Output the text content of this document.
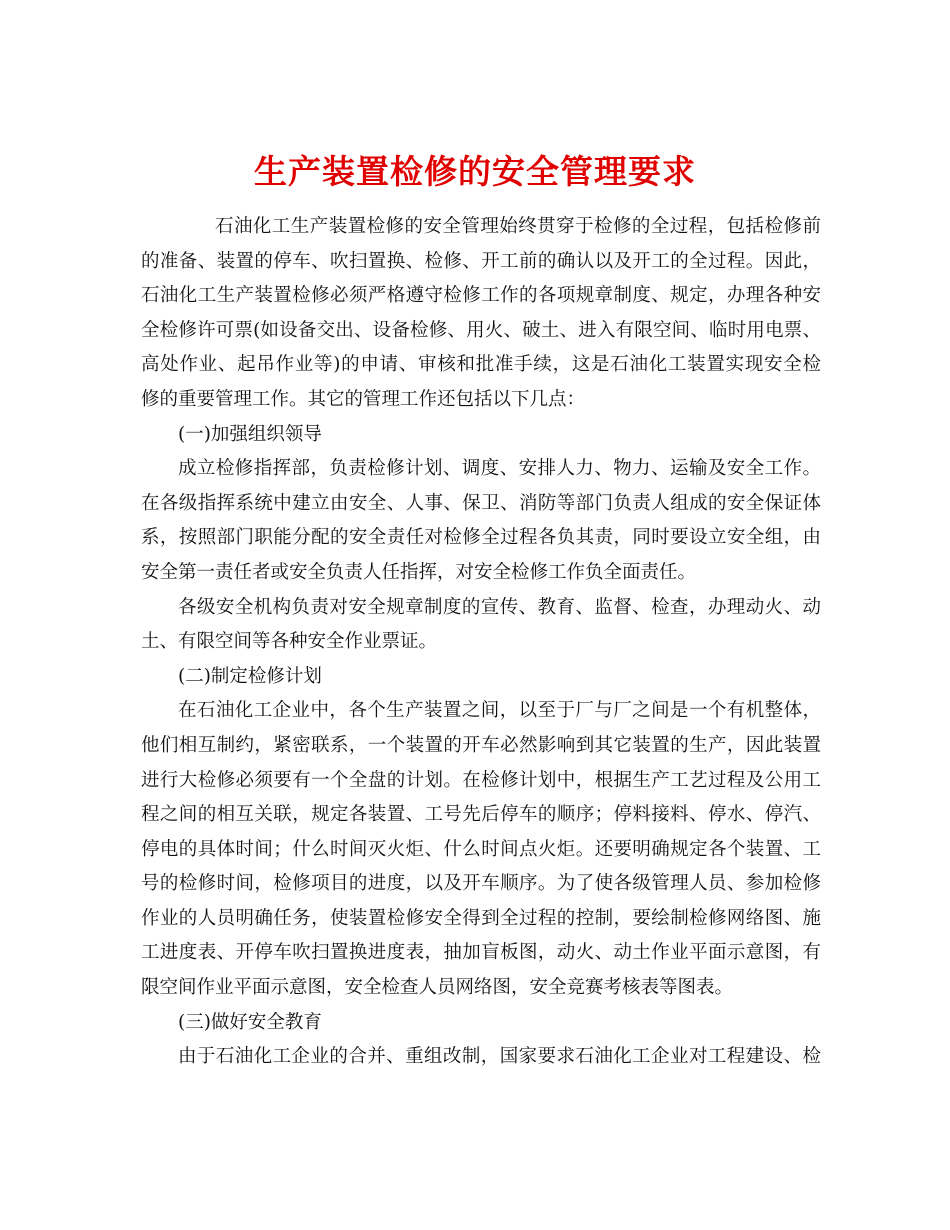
生产装置检修的安全管理要求
石油化工生产装置检修的安全管理始终贯穿于检修的全过程，包括检修前
的准备、装置的停车、吹扫置换、检修、开工前的确认以及开工的全过程。因此，
石油化工生产装置检修必须严格遵守检修工作的各项规章制度、规定，办理各种安
全检修许可票(如设备交出、设备检修、用火、破土、进入有限空间、临时用电票、
高处作业、起吊作业等)的申请、审核和批准手续，这是石油化工装置实现安全检
修的重要管理工作。其它的管理工作还包括以下几点：
(一)加强组织领导
成立检修指挥部，负责检修计划、调度、安排人力、物力、运输及安全工作。
在各级指挥系统中建立由安全、人事、保卫、消防等部门负责人组成的安全保证体
系，按照部门职能分配的安全责任对检修全过程各负其责，同时要设立安全组，由
安全第一责任者或安全负责人任指挥，对安全检修工作负全面责任。
各级安全机构负责对安全规章制度的宣传、教育、监督、检查，办理动火、动
土、有限空间等各种安全作业票证。
(二)制定检修计划
在石油化工企业中，各个生产装置之间，以至于厂与厂之间是一个有机整体，
他们相互制约，紧密联系，一个装置的开车必然影响到其它装置的生产，因此装置
进行大检修必须要有一个全盘的计划。在检修计划中，根据生产工艺过程及公用工
程之间的相互关联，规定各装置、工号先后停车的顺序；停料接料、停水、停汽、
停电的具体时间；什么时间灭火炬、什么时间点火炬。还要明确规定各个装置、工
号的检修时间，检修项目的进度，以及开车顺序。为了使各级管理人员、参加检修
作业的人员明确任务，使装置检修安全得到全过程的控制，要绘制检修网络图、施
工进度表、开停车吹扫置换进度表，抽加盲板图，动火、动土作业平面示意图，有
限空间作业平面示意图，安全检查人员网络图，安全竞赛考核表等图表。
(三)做好安全教育
由于石油化工企业的合并、重组改制，国家要求石油化工企业对工程建设、检
